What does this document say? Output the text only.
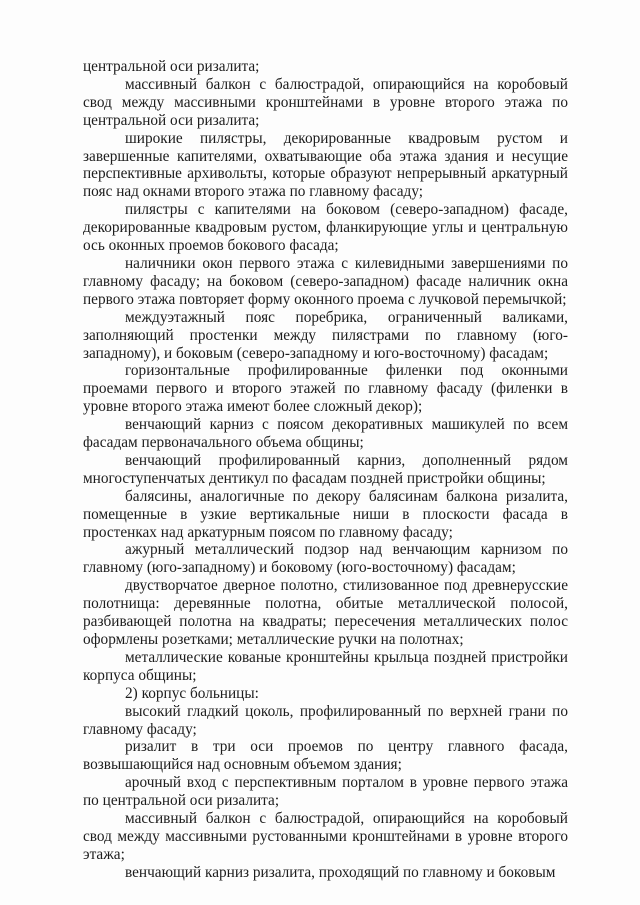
центральной оси ризалита;

массивный балкон с балюстрадой, опирающийся на коробовый свод между массивными кронштейнами в уровне второго этажа по центральной оси ризалита;

широкие пилястры, декорированные квадровым рустом и завершенные капителями, охватывающие оба этажа здания и несущие перспективные архивольты, которые образуют непрерывный аркатурный пояс над окнами второго этажа по главному фасаду;

пилястры с капителями на боковом (северо-западном) фасаде, декорированные квадровым рустом, фланкирующие углы и центральную ось оконных проемов бокового фасада;

наличники окон первого этажа с килевидными завершениями по главному фасаду; на боковом (северо-западном) фасаде наличник окна первого этажа повторяет форму оконного проема с лучковой перемычкой;

междуэтажный пояс поребрика, ограниченный валиками, заполняющий простенки между пилястрами по главному (юго-западному), и боковым (северо-западному и юго-восточному) фасадам;

горизонтальные профилированные филенки под оконными проемами первого и второго этажей по главному фасаду (филенки в уровне второго этажа имеют более сложный декор);

венчающий карниз с поясом декоративных машикулей по всем фасадам первоначального объема общины;

венчающий профилированный карниз, дополненный рядом многоступенчатых дентикул по фасадам поздней пристройки общины;

балясины, аналогичные по декору балясинам балкона ризалита, помещенные в узкие вертикальные ниши в плоскости фасада в простенках над аркатурным поясом по главному фасаду;

ажурный металлический подзор над венчающим карнизом по главному (юго-западному) и боковому (юго-восточному) фасадам;

двустворчатое дверное полотно, стилизованное под древнерусские полотнища: деревянные полотна, обитые металлической полосой, разбивающей полотна на квадраты; пересечения металлических полос оформлены розетками; металлические ручки на полотнах;

металлические кованые кронштейны крыльца поздней пристройки корпуса общины;

2) корпус больницы:

высокий гладкий цоколь, профилированный по верхней грани по главному фасаду;

ризалит в три оси проемов по центру главного фасада, возвышающийся над основным объемом здания;

арочный вход с перспективным порталом в уровне первого этажа по центральной оси ризалита;

массивный балкон с балюстрадой, опирающийся на коробовый свод между массивными рустованными кронштейнами в уровне второго этажа;

венчающий карниз ризалита, проходящий по главному и боковым
